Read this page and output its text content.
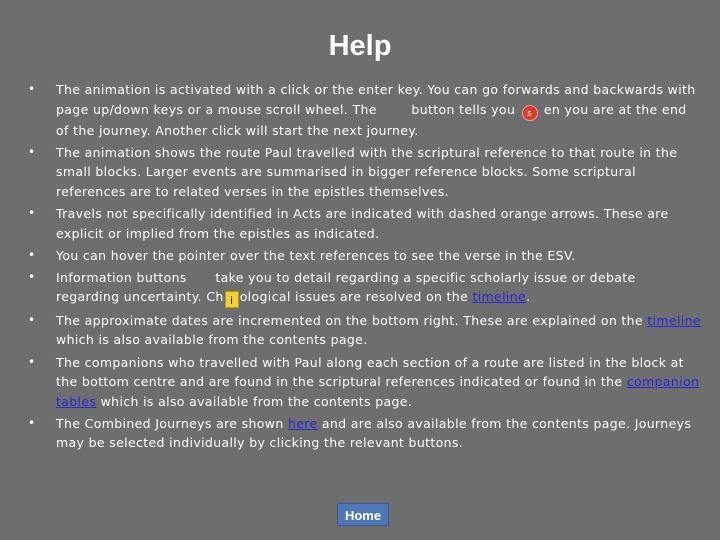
Help
• The animation is activated with a click or the enter key. You can go forwards and backwards with page up/down keys or a mouse scroll wheel. The	button tells you s en you are at the end of the journey. Another click will start the next journey.
• The animation shows the route Paul travelled with the scriptural reference to that route in the small blocks. Larger events are summarised in bigger reference blocks. Some scriptural references are to related verses in the epistles themselves.
• Travels not specifically identified in Acts are indicated with dashed orange arrows. These are explicit or implied from the epistles as indicated.
• You can hover the pointer over the text references to see the verse in the ESV.
• Information buttons take you to detail regarding a specific scholarly issue or debate regarding uncertainty. Ch i ological issues are resolved on the timeline.
• The approximate dates are incremented on the bottom right. These are explained on the timeline which is also available from the contents page.
• The companions who travelled with Paul along each section of a route are listed in the block at the bottom centre and are found in the scriptural references indicated or found in the companion tables which is also available from the contents page.
• The Combined Journeys are shown here and are also available from the contents page. Journeys may be selected individually by clicking the relevant buttons.
Home
